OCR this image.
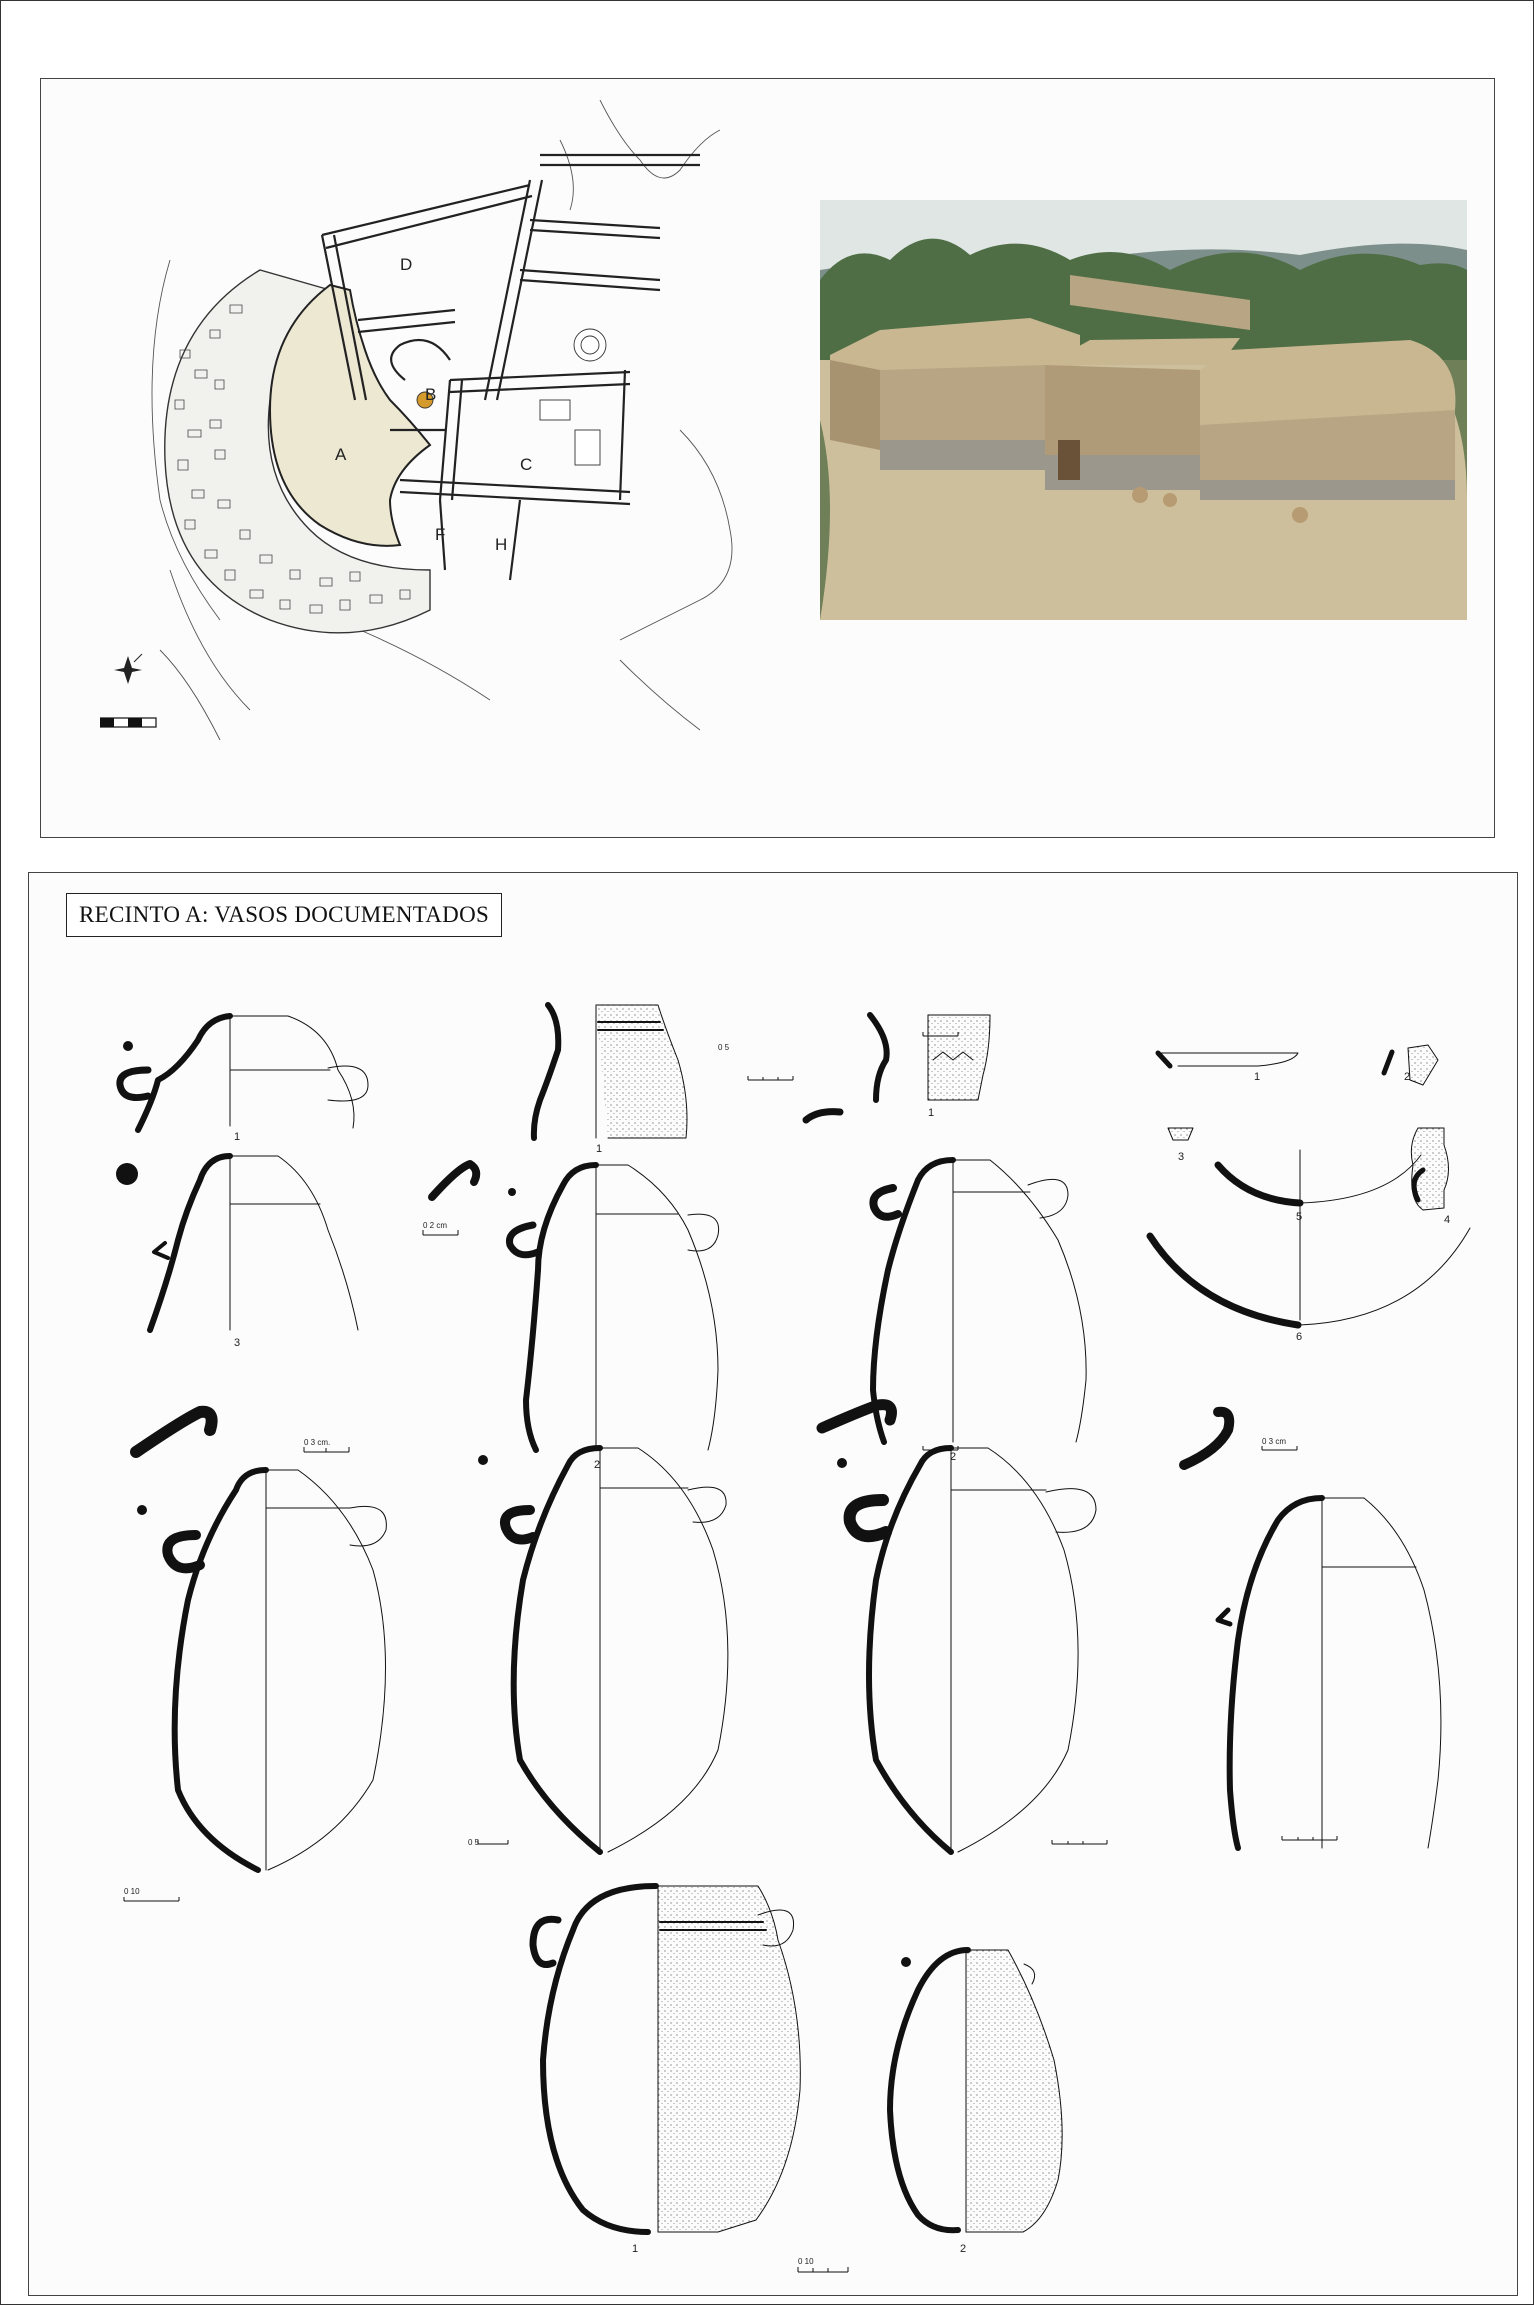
D
A
B
C
F
H
RECINTO A: VASOS DOCUMENTADOS
1
1
1
1	2
3
4
5
6
3
2
2
1	2
0 5
0 2 cm
0 5
0 3 cm.	0 3 cm
0 10
0 10
